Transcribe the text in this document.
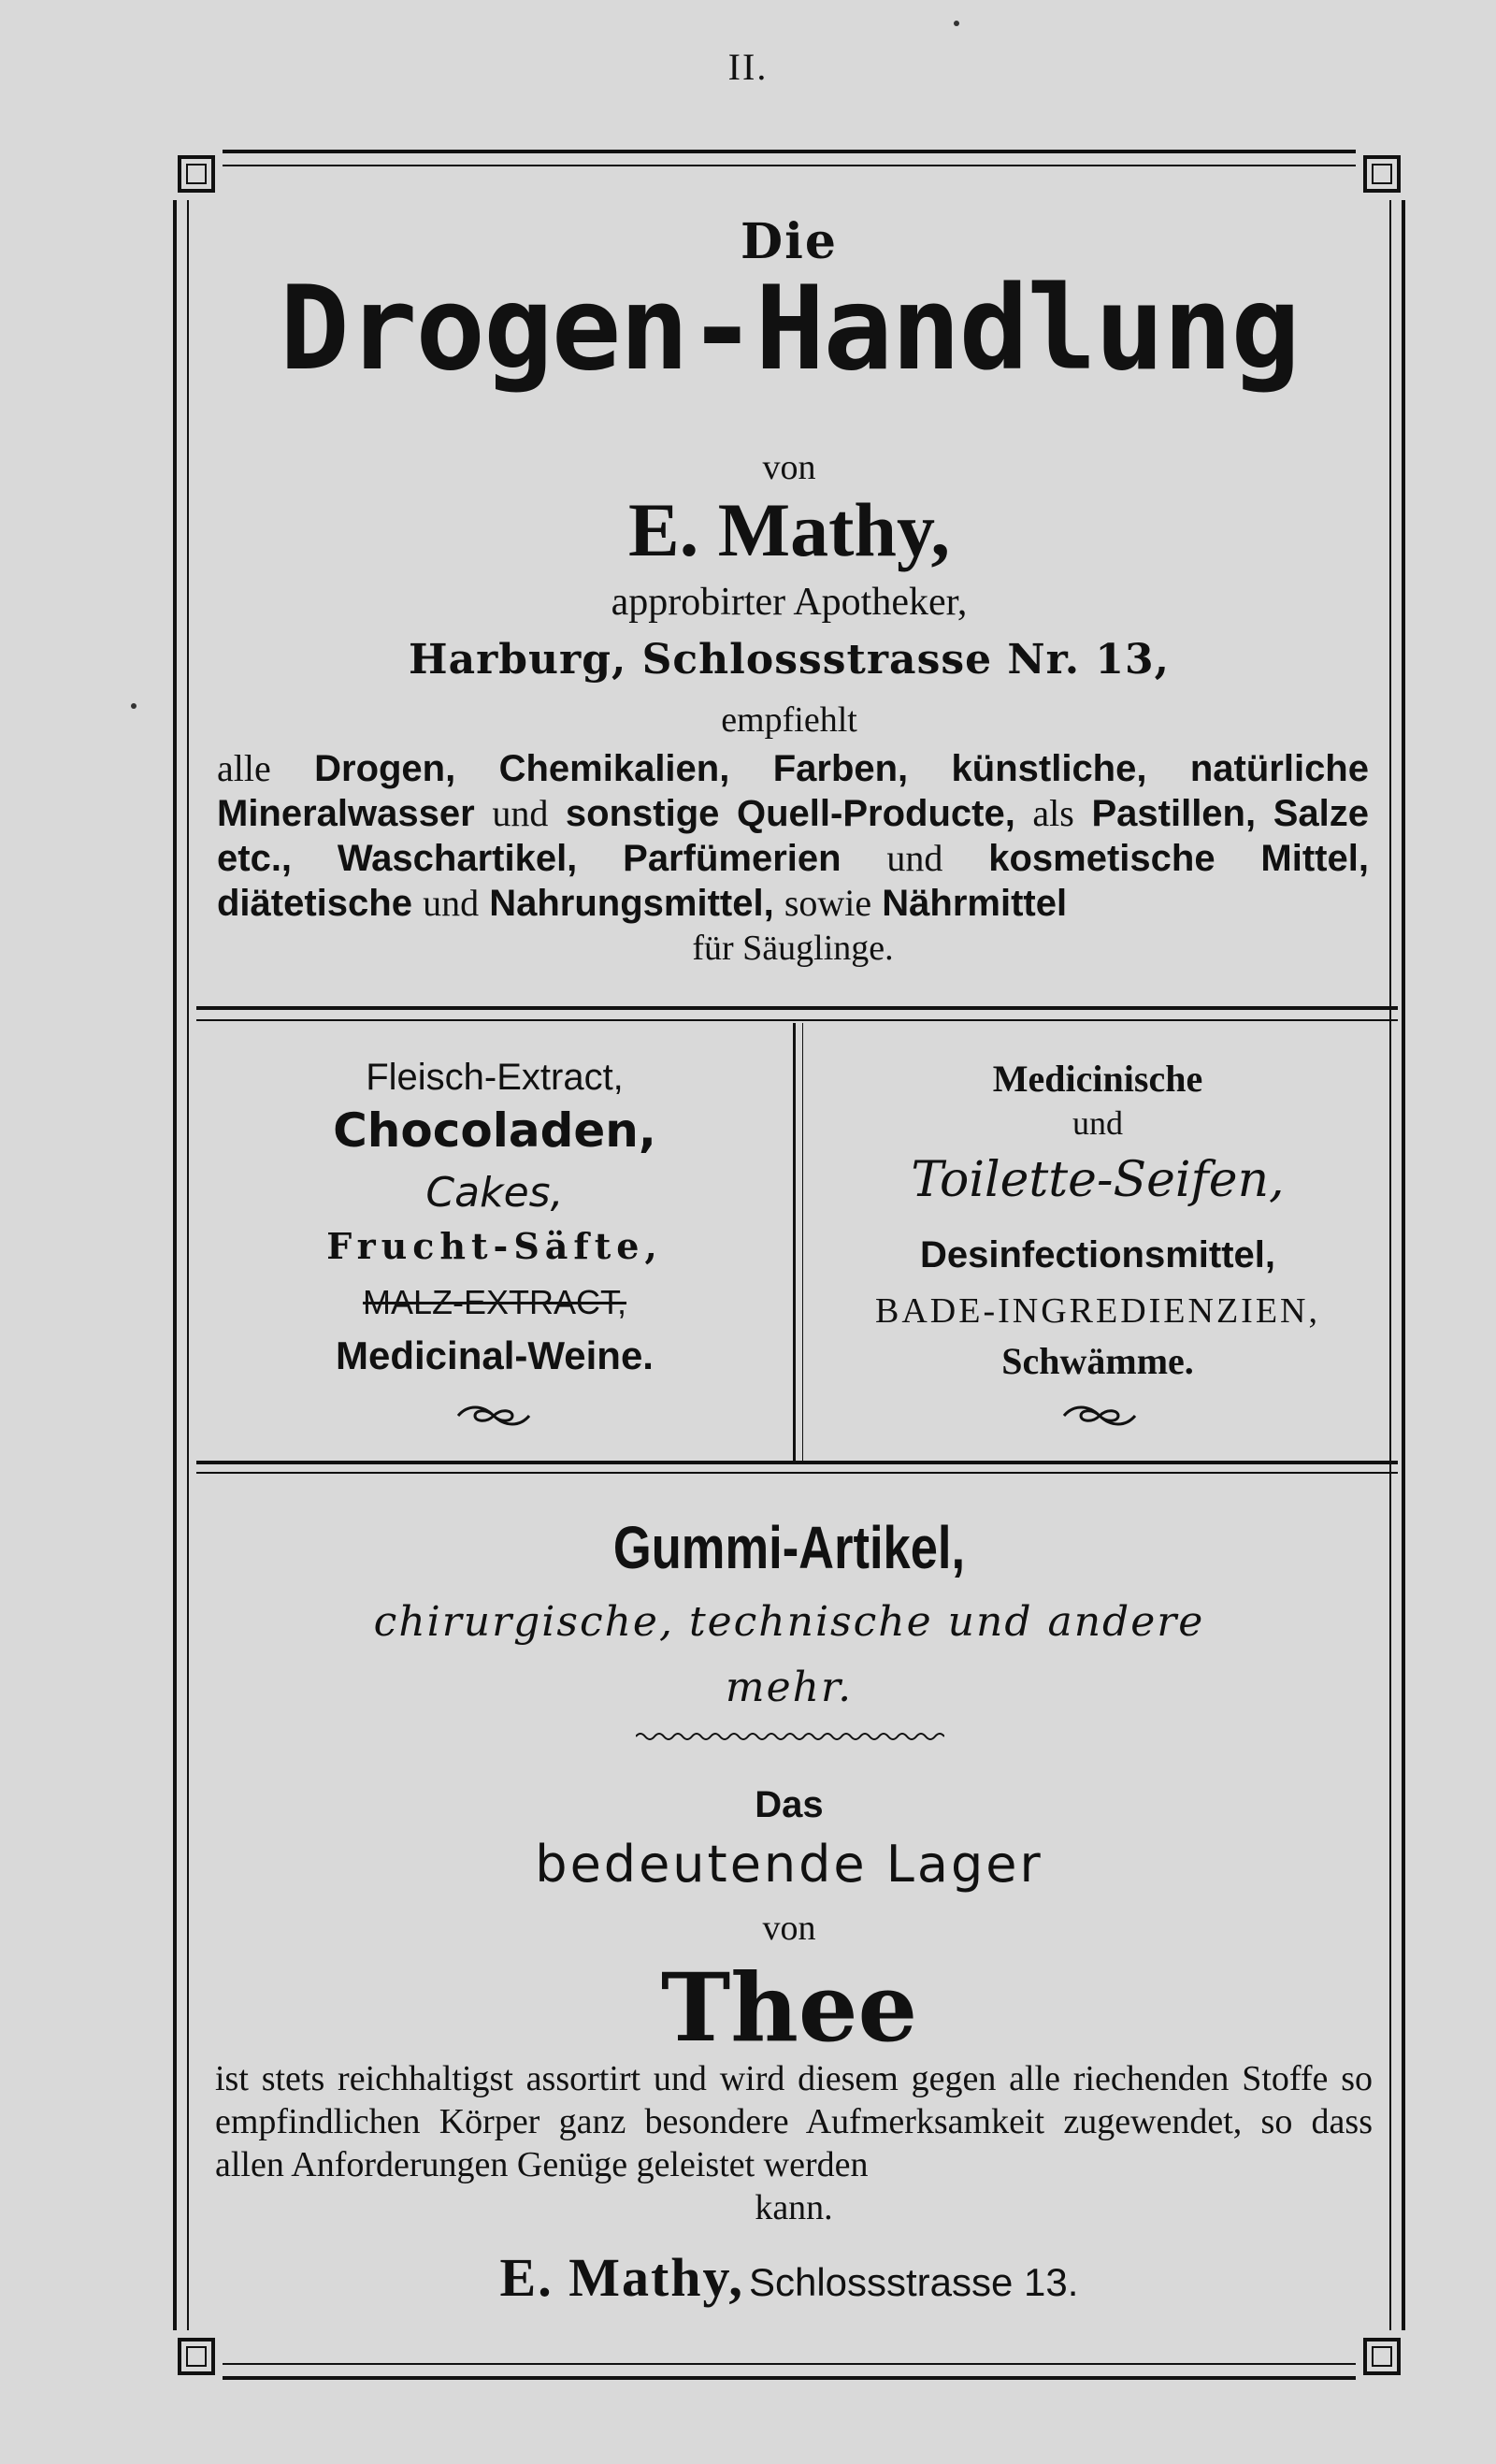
II.
Die
Drogen-Handlung
von
E. Mathy,
approbirter Apotheker,
Harburg, Schlossstrasse Nr. 13,
empfiehlt
alle Drogen, Chemikalien, Farben, künstliche, natürliche Mineralwasser und sonstige Quell-Producte, als Pastillen, Salze etc., Waschartikel, Parfümerien und kosmetische Mittel, diätetische und Nahrungsmittel, sowie Nährmittel
für Säuglinge.
Fleisch-Extract,
Chocoladen,
Cakes,
Frucht-Säfte,
MALZ-EXTRACT,
Medicinal-Weine.
Medicinische
und
Toilette-Seifen,
Desinfectionsmittel,
BADE-INGREDIENZIEN,
Schwämme.
Gummi-Artikel,
chirurgische, technische und andere
mehr.
Das
bedeutende Lager
von
Thee
ist stets reichhaltigst assortirt und wird diesem gegen alle riechenden Stoffe so empfindlichen Körper ganz besondere Aufmerksamkeit zugewendet, so dass allen Anforderungen Genüge geleistet werden
kann.
E. Mathy, Schlossstrasse 13.
